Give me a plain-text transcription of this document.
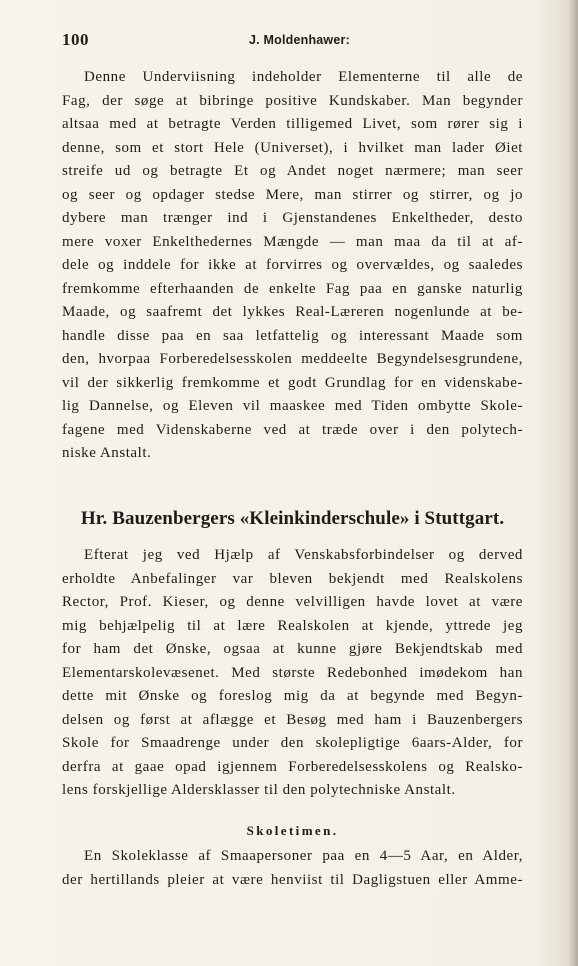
100	J. Moldenhawer:

Denne Underviisning indeholder Elementerne til alle de
Fag, der søge at bibringe positive Kundskaber. Man begynder
altsaa med at betragte Verden tilligemed Livet, som rører sig i
denne, som et stort Hele (Universet), i hvilket man lader Øiet
streife ud og betragte Et og Andet noget nærmere; man seer
og seer og opdager stedse Mere, man stirrer og stirrer, og jo
dybere man trænger ind i Gjenstandenes Enkeltheder, desto
mere voxer Enkelthedernes Mængde — man maa da til at af-
dele og inddele for ikke at forvirres og overvældes, og saaledes
fremkomme efterhaanden de enkelte Fag paa en ganske naturlig
Maade, og saafremt det lykkes Real-Læreren nogenlunde at be-
handle disse paa en saa letfattelig og interessant Maade som
den, hvorpaa Forberedelsesskolen meddeelte Begyndelsesgrundene,
vil der sikkerlig fremkomme et godt Grundlag for en videnskabe-
lig Dannelse, og Eleven vil maaskee med Tiden ombytte Skole-
fagene med Videnskaberne ved at træde over i den polytech-
niske Anstalt.

Hr. Bauzenbergers «Kleinkinderschule» i Stuttgart.

Efterat jeg ved Hjælp af Venskabsforbindelser og derved
erholdte Anbefalinger var bleven bekjendt med Realskolens
Rector, Prof. Kieser, og denne velvilligen havde lovet at være
mig behjælpelig til at lære Realskolen at kjende, yttrede jeg
for ham det Ønske, ogsaa at kunne gjøre Bekjendtskab med
Elementarskolevæsenet. Med største Redebonhed imødekom han
dette mit Ønske og foreslog mig da at begynde med Begyn-
delsen og først at aflægge et Besøg med ham i Bauzenbergers
Skole for Smaadrenge under den skolepligtige 6aars-Alder, for
derfra at gaae opad igjennem Forberedelsesskolens og Realsko-
lens forskjellige Aldersklasser til den polytechniske Anstalt.

Skoletimen.

En Skoleklasse af Smaapersoner paa en 4—5 Aar, en Alder,
der hertillands pleier at være henviist til Dagligstuen eller Amme-
